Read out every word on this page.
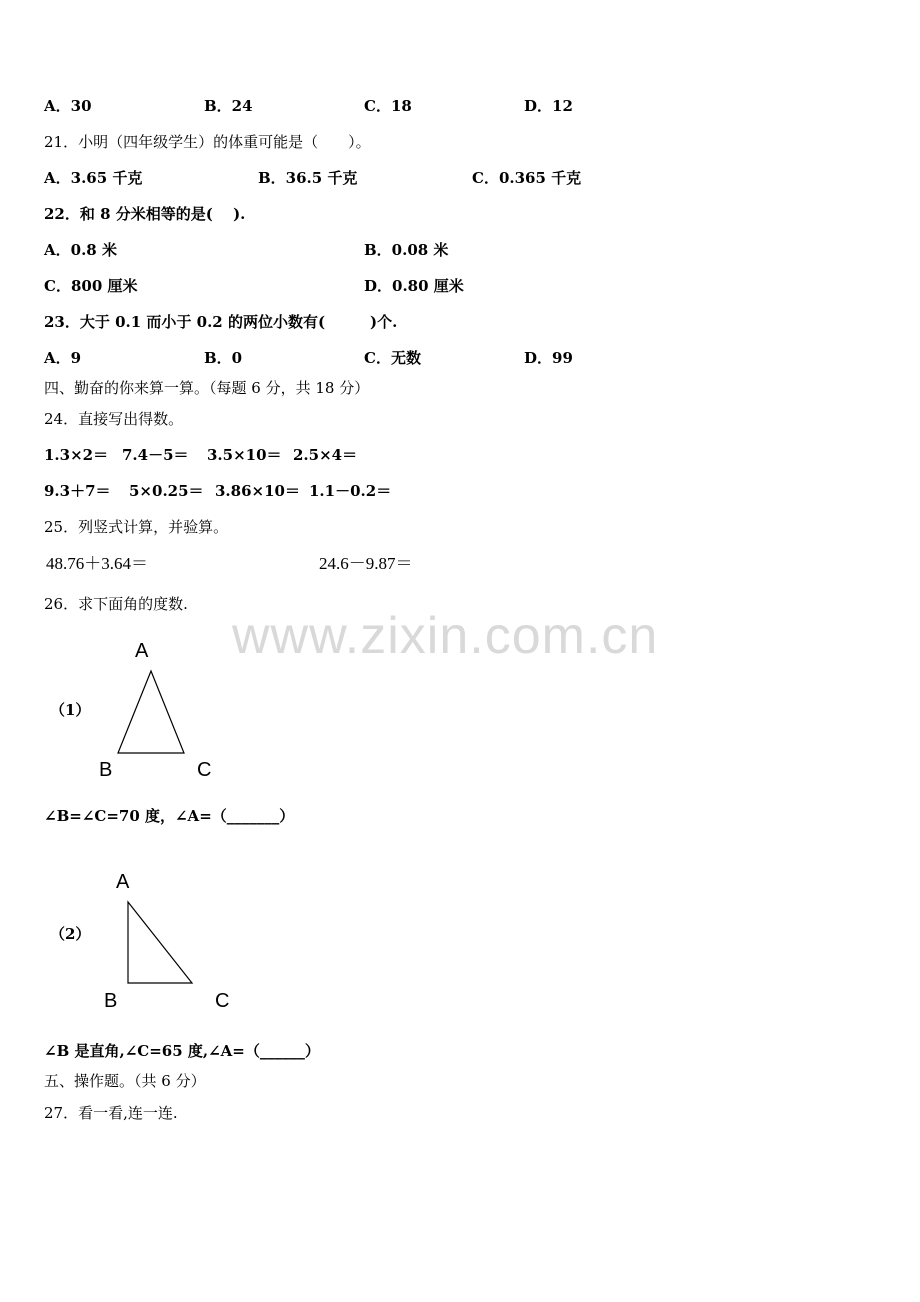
A．30	B．24	C．18	D．12
21．小明（四年级学生）的体重可能是（　　）。
A．3.65 千克	B．36.5 千克	C．0.365 千克
22．和 8 分米相等的是(　 ).
A．0.8 米	B．0.08 米
C．800 厘米	D．0.80 厘米
23．大于 0.1 而小于 0.2 的两位小数有(　　　)个.
A．9	B．0	C．无数	D．99
四、勤奋的你来算一算。（每题 6 分，共 18 分）
24．直接写出得数。
1.3×2＝ 7.4－5＝ 3.5×10＝ 2.5×4＝
9.3＋7＝ 5×0.25＝ 3.86×10＝ 1.1－0.2＝
25．列竖式计算，并验算。
48.76＋3.64＝	24.6－9.87＝
26．求下面角的度数.
www.zixin.com.cn
（1）
A
B	C
∠B=∠C=70 度，∠A=（_______）
（2）
A
B	C
∠B 是直角,∠C=65 度,∠A=（______）
五、操作题。（共 6 分）
27．看一看,连一连.
